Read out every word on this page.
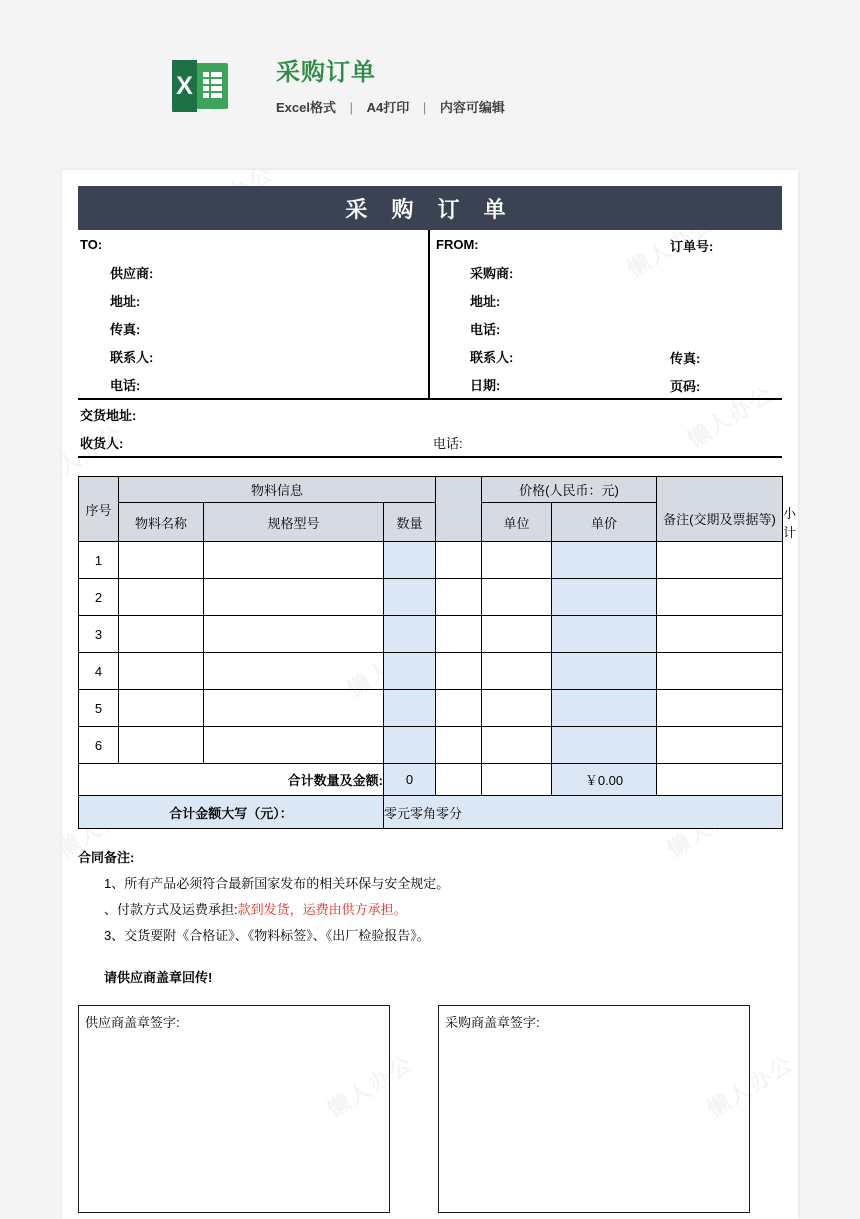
X	采购订单
Excel格式 | A4打印 | 内容可编辑
采 购 订 单
TO:
供应商:
地址:
传真:
联系人:
电话:
FROM:
采购商:
地址:
电话:
联系人:
日期:
订单号:
传真:
页码:
交货地址:
收货人:	电话:
序号	物料信息				价格(人民币：元)		备注(交期及票据等)	

	物料名称	规格型号	数量		单位	单价		小计
1								
2								
3								
4								
5								
6								
合计数量及金额:			0			￥0.00		
合计金额大写（元）：			零元零角零分					
合同备注:
1、所有产品必须符合最新国家发布的相关环保与安全规定。
、付款方式及运费承担:款到发货，运费由供方承担。
3、交货要附《合格证》、《物料标签》、《出厂检验报告》。
请供应商盖章回传!
供应商盖章签字:	采购商盖章签字:
